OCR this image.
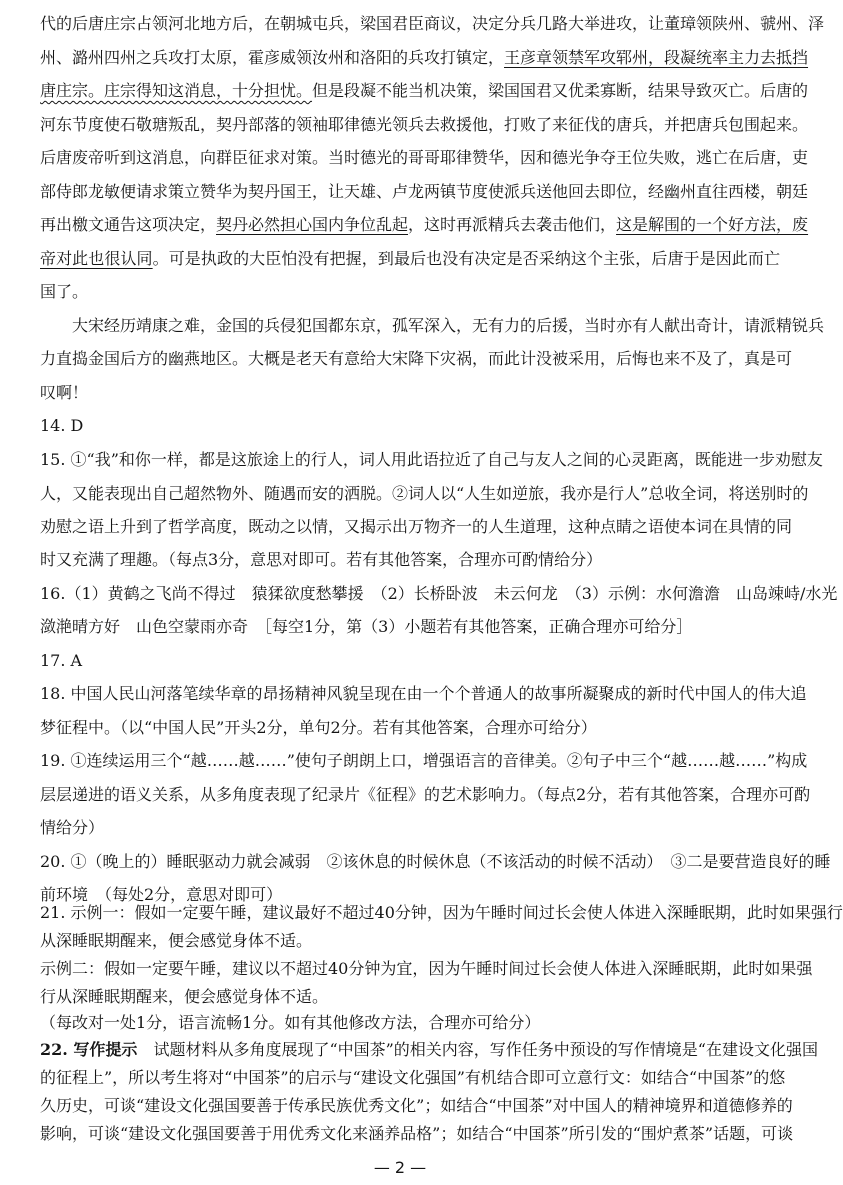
代的后唐庄宗占领河北地方后，在朝城屯兵，梁国君臣商议，决定分兵几路大举进攻，让董璋领陕州、虢州、泽
州、潞州四州之兵攻打太原，霍彦威领汝州和洛阳的兵攻打镇定，王彦章领禁军攻郓州，段凝统率主力去抵挡
唐庄宗。庄宗得知这消息，十分担忧。但是段凝不能当机决策，梁国国君又优柔寡断，结果导致灭亡。后唐的
河东节度使石敬瑭叛乱，契丹部落的领袖耶律德光领兵去救援他，打败了来征伐的唐兵，并把唐兵包围起来。
后唐废帝听到这消息，向群臣征求对策。当时德光的哥哥耶律赞华，因和德光争夺王位失败，逃亡在后唐，吏
部侍郎龙敏便请求策立赞华为契丹国王，让天雄、卢龙两镇节度使派兵送他回去即位，经幽州直往西楼，朝廷
再出檄文通告这项决定，契丹必然担心国内争位乱起，这时再派精兵去袭击他们，这是解围的一个好方法，废
帝对此也很认同。可是执政的大臣怕没有把握，到最后也没有决定是否采纳这个主张，后唐于是因此而亡
国了。
大宋经历靖康之难，金国的兵侵犯国都东京，孤军深入，无有力的后援，当时亦有人献出奇计，请派精锐兵
力直捣金国后方的幽燕地区。大概是老天有意给大宋降下灾祸，而此计没被采用，后悔也来不及了，真是可
叹啊！
14. D
15. ①“我”和你一样，都是这旅途上的行人，词人用此语拉近了自己与友人之间的心灵距离，既能进一步劝慰友
人，又能表现出自己超然物外、随遇而安的洒脱。②词人以“人生如逆旅，我亦是行人”总收全词，将送别时的
劝慰之语上升到了哲学高度，既动之以情，又揭示出万物齐一的人生道理，这种点睛之语使本词在具情的同
时又充满了理趣。（每点3分，意思对即可。若有其他答案，合理亦可酌情给分）
16.（1）黄鹤之飞尚不得过　猿猱欲度愁攀援　（2）长桥卧波　未云何龙　（3）示例：水何澹澹　山岛竦峙/水光
潋滟晴方好　山色空蒙雨亦奇　［每空1分，第（3）小题若有其他答案，正确合理亦可给分］
17. A
18. 中国人民山河落笔续华章的昂扬精神风貌呈现在由一个个普通人的故事所凝聚成的新时代中国人的伟大追
梦征程中。（以“中国人民”开头2分，单句2分。若有其他答案，合理亦可给分）
19. ①连续运用三个“越……越……”使句子朗朗上口，增强语言的音律美。②句子中三个“越……越……”构成
层层递进的语义关系，从多角度表现了纪录片《征程》的艺术影响力。（每点2分，若有其他答案，合理亦可酌
情给分）
20. ①（晚上的）睡眠驱动力就会减弱　②该休息的时候休息（不该活动的时候不活动）　③二是要营造良好的睡
前环境　（每处2分，意思对即可）
21. 示例一：假如一定要午睡，建议最好不超过40分钟，因为午睡时间过长会使人体进入深睡眠期，此时如果强行
从深睡眠期醒来，便会感觉身体不适。
示例二：假如一定要午睡，建议以不超过40分钟为宜，因为午睡时间过长会使人体进入深睡眠期，此时如果强
行从深睡眠期醒来，便会感觉身体不适。
（每改对一处1分，语言流畅1分。如有其他修改方法，合理亦可给分）
22. 写作提示　 试题材料从多角度展现了“中国茶”的相关内容，写作任务中预设的写作情境是“在建设文化强国
的征程上”，所以考生将对“中国茶”的启示与“建设文化强国”有机结合即可立意行文：如结合“中国茶”的悠
— 2 —
久历史，可谈“建设文化强国要善于传承民族优秀文化”；如结合“中国茶”对中国人的精神境界和道德修养的
影响，可谈“建设文化强国要善于用优秀文化来涵养品格”；如结合“中国茶”所引发的“围炉煮茶”话题，可谈
